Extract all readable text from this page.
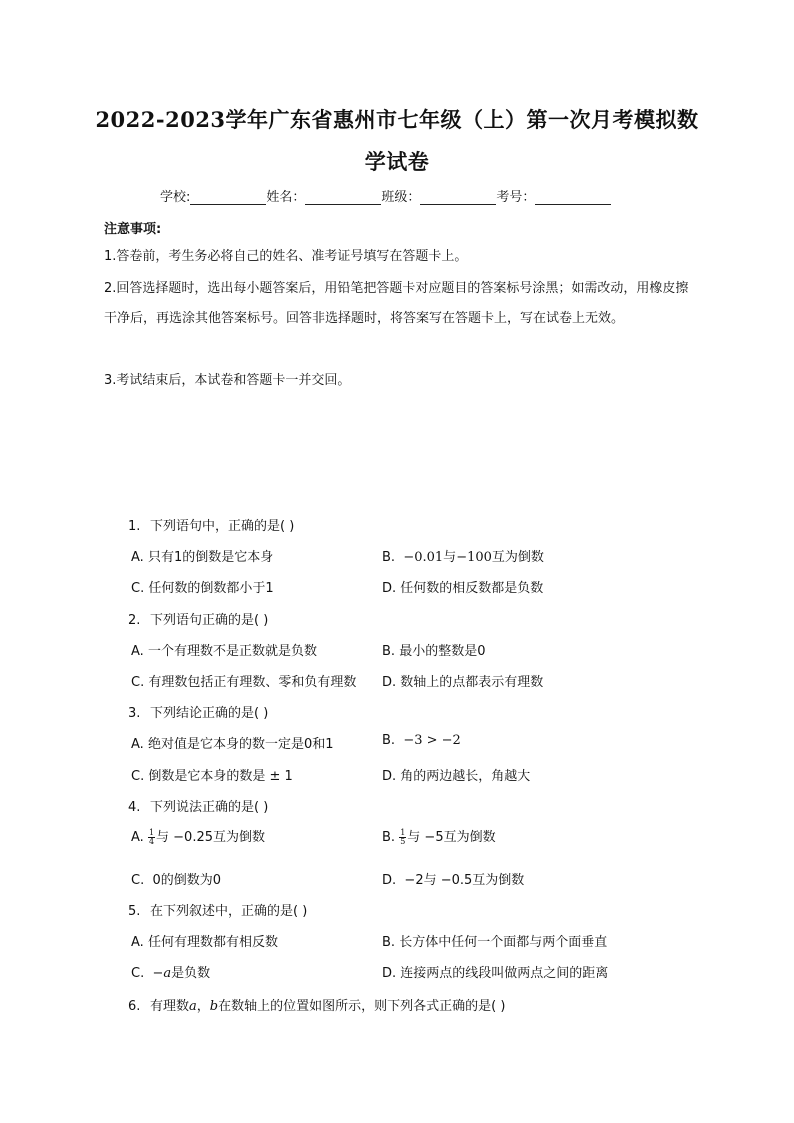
2022-2023学年广东省惠州市七年级（上）第一次月考模拟数
学试卷
学校:	姓名：	班级：	考号：
注意事项:
1.答卷前，考生务必将自己的姓名、准考证号填写在答题卡上。
2.回答选择题时，选出每小题答案后，用铅笔把答题卡对应题目的答案标号涂黑；如需改动，用橡皮擦干净后，再选涂其他答案标号。回答非选择题时，将答案写在答题卡上，写在试卷上无效。
3.考试结束后，本试卷和答题卡一并交回。
1. 下列语句中，正确的是( )
A. 只有1的倒数是它本身	B. −0.01与−100互为倒数
C. 任何数的倒数都小于1	D. 任何数的相反数都是负数
2. 下列语句正确的是( )
A. 一个有理数不是正数就是负数	B. 最小的整数是0
C. 有理数包括正有理数、零和负有理数 D. 数轴上的点都表示有理数
3. 下列结论正确的是( )
A. 绝对值是它本身的数一定是0和1	B. −3 > −2
C. 倒数是它本身的数是 ± 1	D. 角的两边越长，角越大
4. 下列说法正确的是( )
A. $\frac{1}{4}$ 与 −0.25互为倒数	B. $\frac{1}{5}$ 与 −5互为倒数
C. 0的倒数为0	D. −2与 −0.5互为倒数
5. 在下列叙述中，正确的是( )
A. 任何有理数都有相反数	B. 长方体中任何一个面都与两个面垂直
C. −a是负数	D. 连接两点的线段叫做两点之间的距离
6. 有理数a，b在数轴上的位置如图所示，则下列各式正确的是( )
